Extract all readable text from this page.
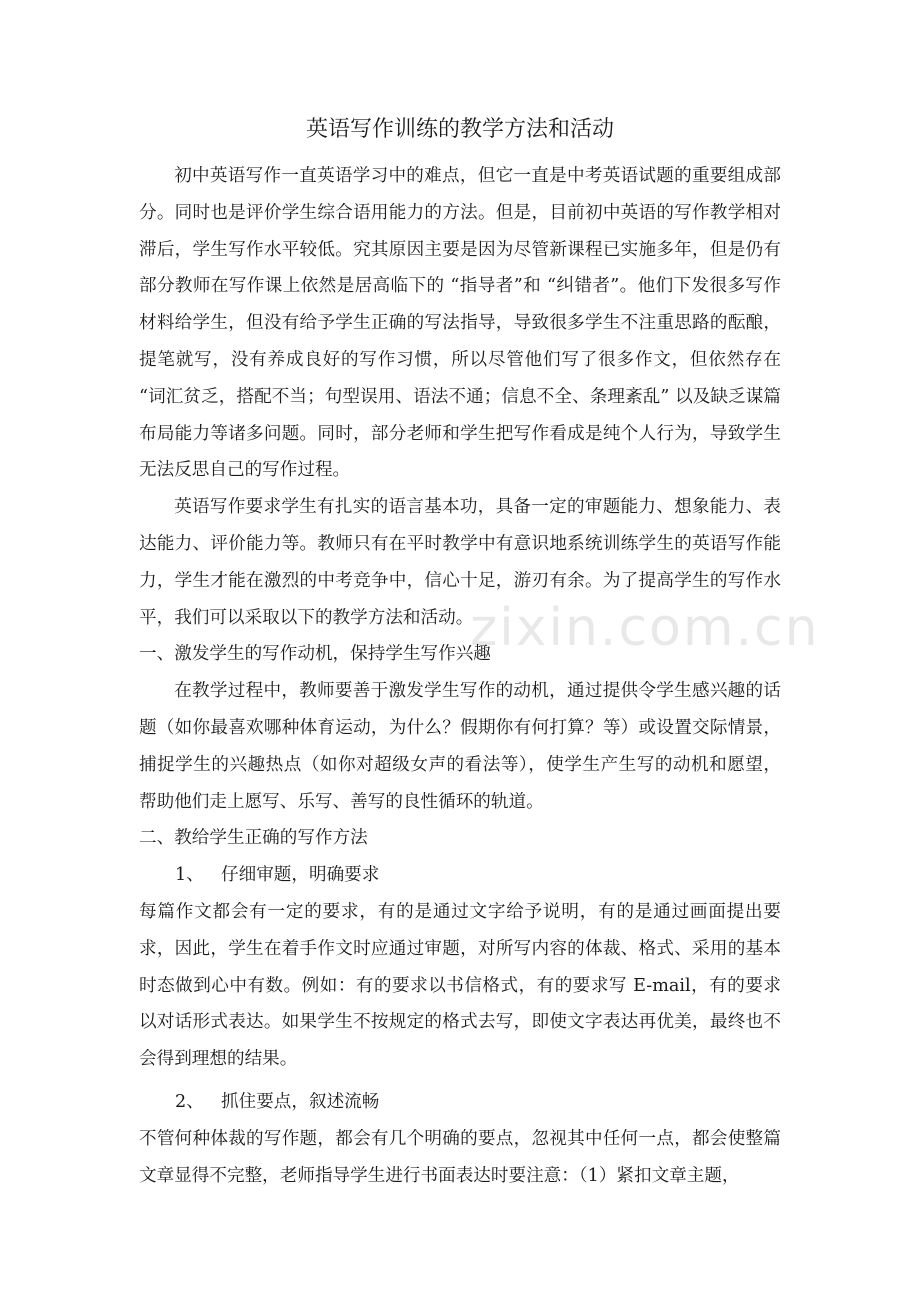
英语写作训练的教学方法和活动

初中英语写作一直英语学习中的难点，但它一直是中考英语试题的重要组成部分。同时也是评价学生综合语用能力的方法。但是，目前初中英语的写作教学相对滞后，学生写作水平较低。究其原因主要是因为尽管新课程已实施多年，但是仍有部分教师在写作课上依然是居高临下的 “指导者”和 “纠错者”。他们下发很多写作材料给学生，但没有给予学生正确的写法指导，导致很多学生不注重思路的酝酿，提笔就写，没有养成良好的写作习惯，所以尽管他们写了很多作文，但依然存在 “词汇贫乏，搭配不当；句型误用、语法不通；信息不全、条理紊乱” 以及缺乏谋篇布局能力等诸多问题。同时，部分老师和学生把写作看成是纯个人行为，导致学生无法反思自己的写作过程。

英语写作要求学生有扎实的语言基本功，具备一定的审题能力、想象能力、表达能力、评价能力等。教师只有在平时教学中有意识地系统训练学生的英语写作能力，学生才能在激烈的中考竞争中，信心十足，游刃有余。为了提高学生的写作水平，我们可以采取以下的教学方法和活动。

一、激发学生的写作动机，保持学生写作兴趣

在教学过程中，教师要善于激发学生写作的动机，通过提供令学生感兴趣的话题（如你最喜欢哪种体育运动，为什么？假期你有何打算？等）或设置交际情景，捕捉学生的兴趣热点（如你对超级女声的看法等），使学生产生写的动机和愿望，帮助他们走上愿写、乐写、善写的良性循环的轨道。

二、教给学生正确的写作方法

1、 仔细审题，明确要求

每篇作文都会有一定的要求，有的是通过文字给予说明，有的是通过画面提出要求，因此，学生在着手作文时应通过审题，对所写内容的体裁、格式、采用的基本时态做到心中有数。例如：有的要求以书信格式，有的要求写 E-mail，有的要求以对话形式表达。如果学生不按规定的格式去写，即使文字表达再优美，最终也不会得到理想的结果。

2、 抓住要点，叙述流畅

不管何种体裁的写作题，都会有几个明确的要点，忽视其中任何一点，都会使整篇文章显得不完整，老师指导学生进行书面表达时要注意：（1）紧扣文章主题，

zixin.com.cn
